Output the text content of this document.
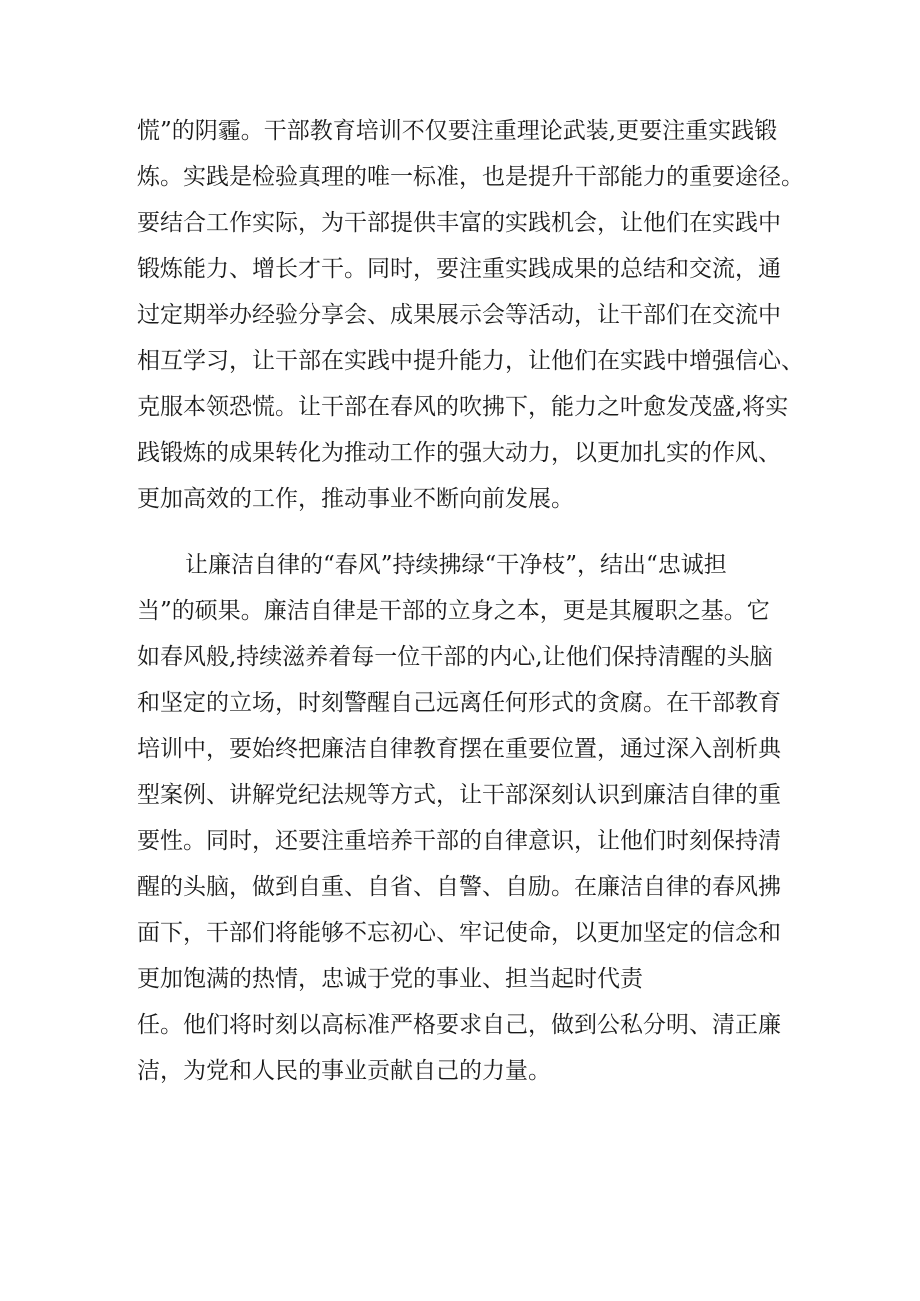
慌”的阴霾。干部教育培训不仅要注重理论武装,更要注重实践锻

炼。实践是检验真理的唯一标准，也是提升干部能力的重要途径。

要结合工作实际，为干部提供丰富的实践机会，让他们在实践中

锻炼能力、增长才干。同时，要注重实践成果的总结和交流，通

过定期举办经验分享会、成果展示会等活动，让干部们在交流中

相互学习，让干部在实践中提升能力，让他们在实践中增强信心、

克服本领恐慌。让干部在春风的吹拂下，能力之叶愈发茂盛,将实

践锻炼的成果转化为推动工作的强大动力，以更加扎实的作风、

更加高效的工作，推动事业不断向前发展。

让廉洁自律的“春风”持续拂绿“干净枝”，结出“忠诚担

当”的硕果。廉洁自律是干部的立身之本，更是其履职之基。它

如春风般,持续滋养着每一位干部的内心,让他们保持清醒的头脑

和坚定的立场，时刻警醒自己远离任何形式的贪腐。在干部教育

培训中，要始终把廉洁自律教育摆在重要位置，通过深入剖析典

型案例、讲解党纪法规等方式，让干部深刻认识到廉洁自律的重

要性。同时，还要注重培养干部的自律意识，让他们时刻保持清

醒的头脑，做到自重、自省、自警、自励。在廉洁自律的春风拂

面下，干部们将能够不忘初心、牢记使命，以更加坚定的信念和

更加饱满的热情，忠诚于党的事业、担当起时代责

任。他们将时刻以高标准严格要求自己，做到公私分明、清正廉

洁，为党和人民的事业贡献自己的力量。
